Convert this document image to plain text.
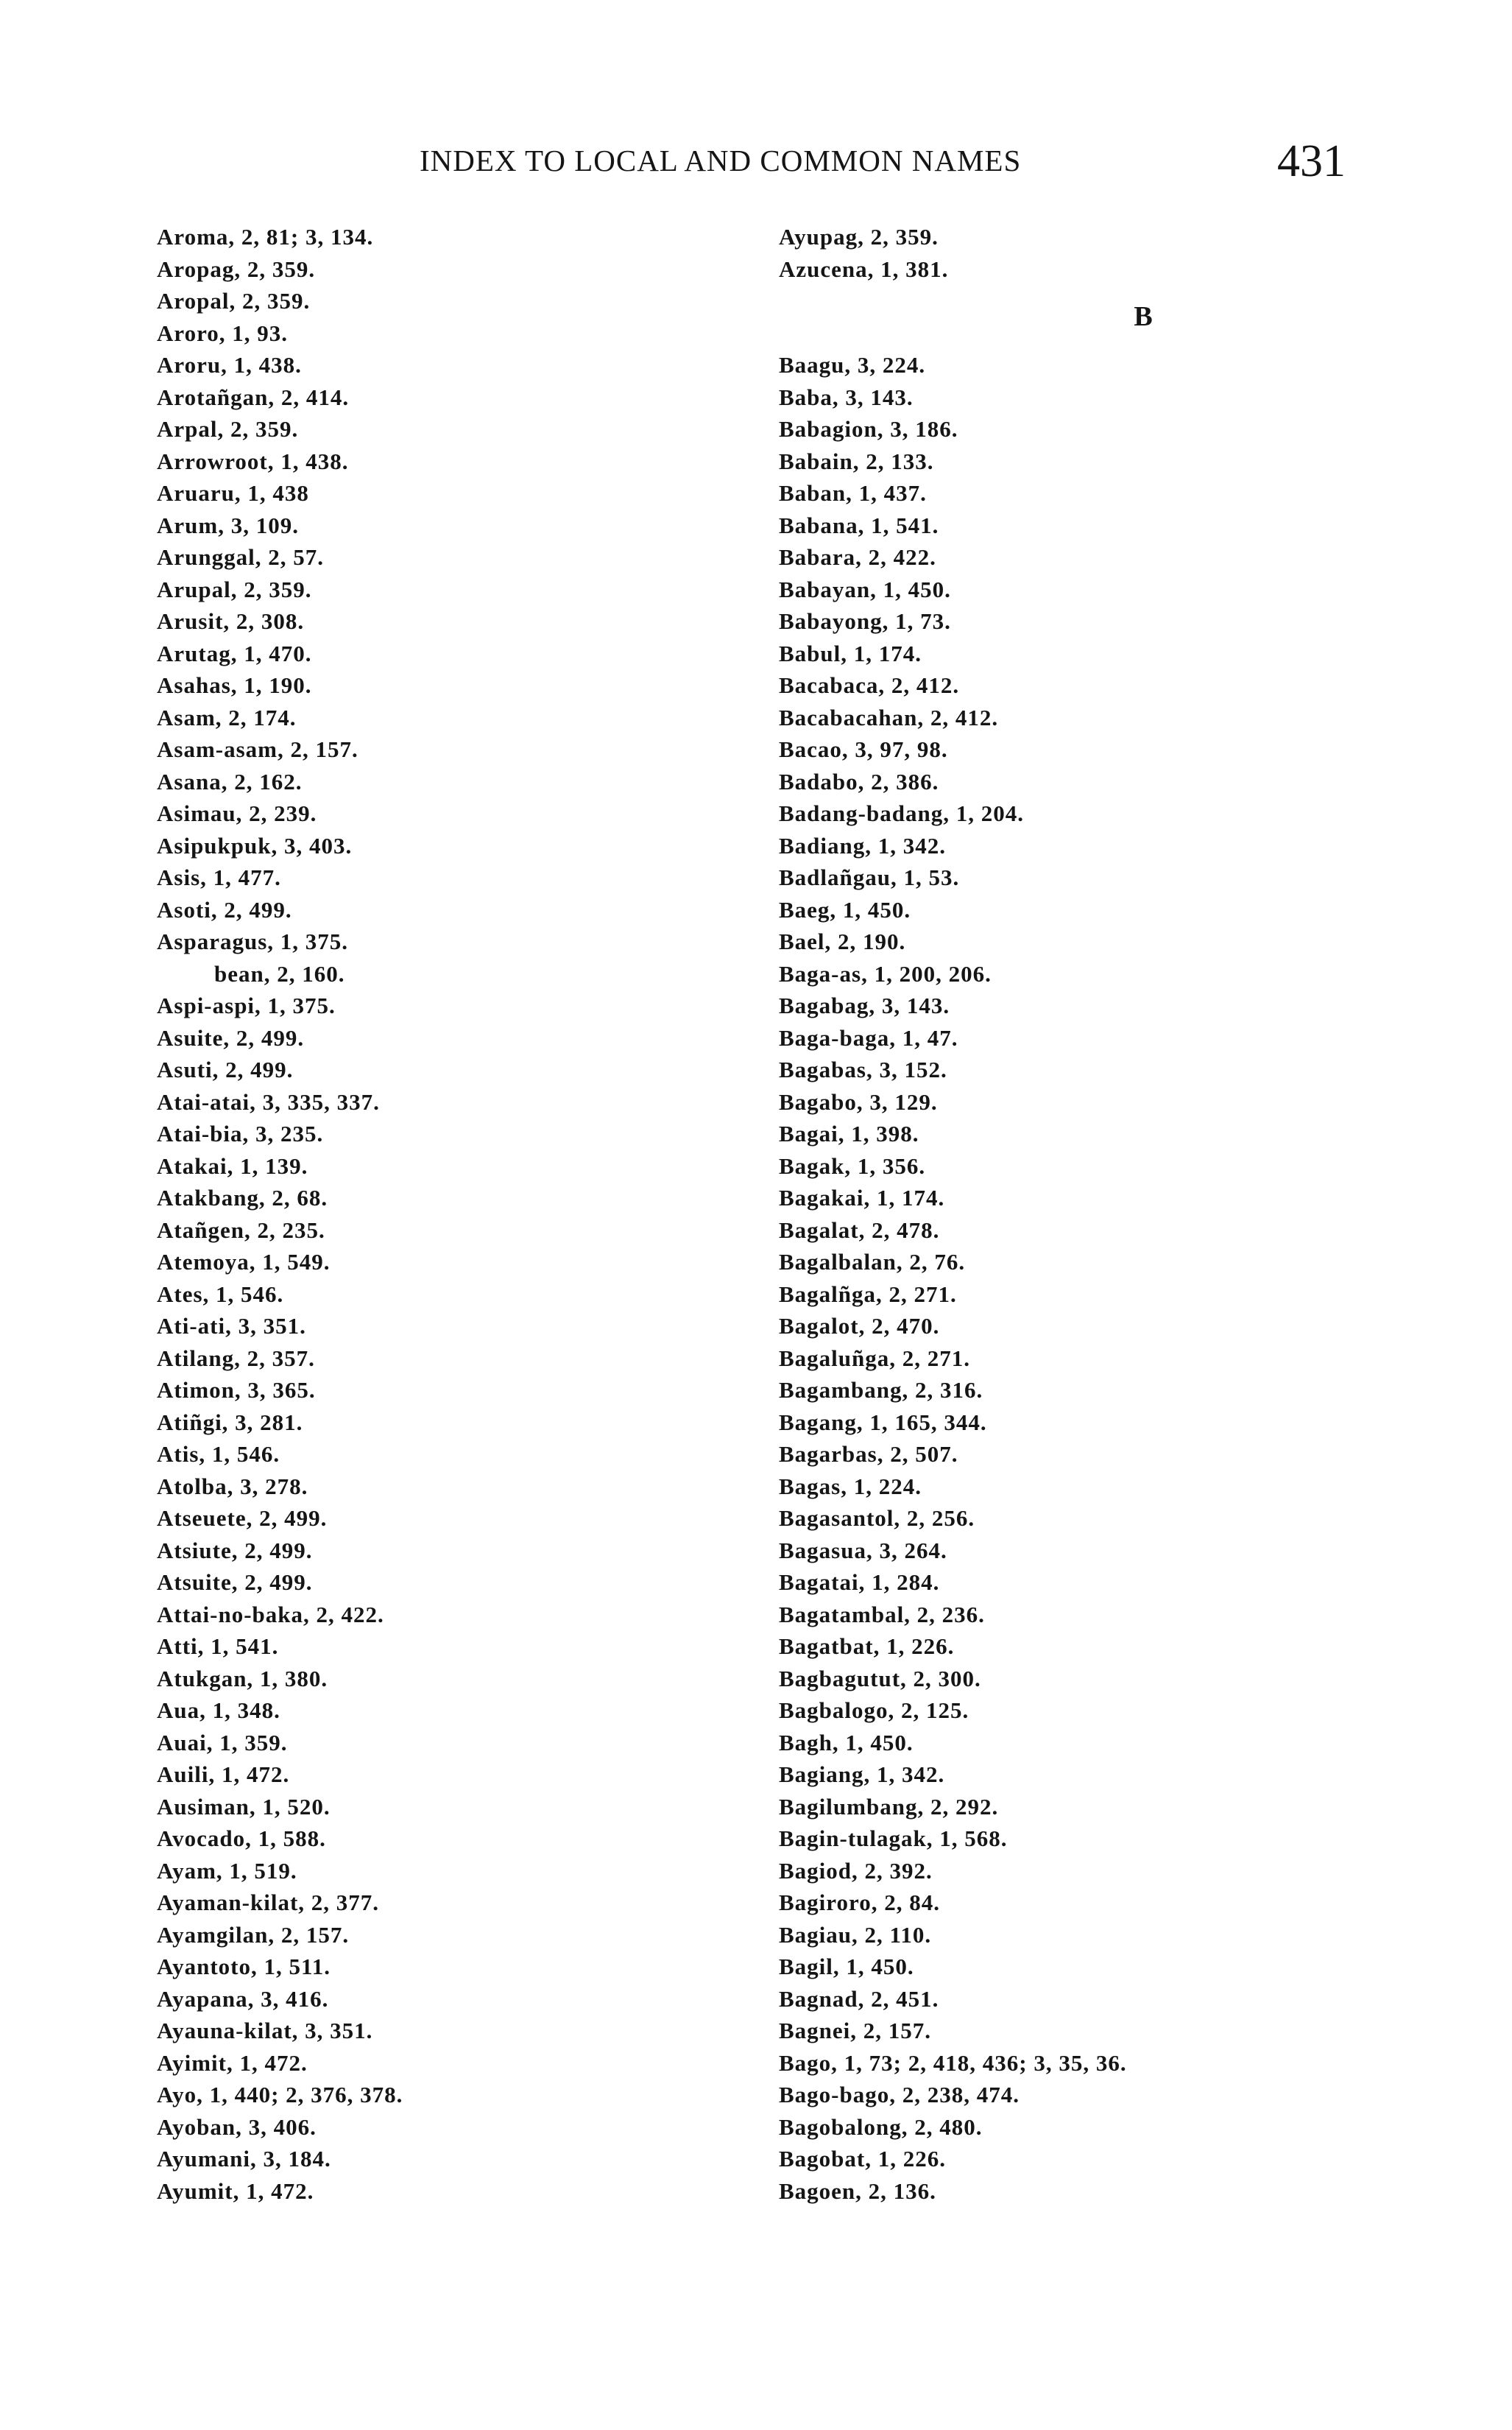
INDEX TO LOCAL AND COMMON NAMES	431
Aroma, 2, 81; 3, 134.
Aropag, 2, 359.
Aropal, 2, 359.
Aroro, 1, 93.
Aroru, 1, 438.
Arotañgan, 2, 414.
Arpal, 2, 359.
Arrowroot, 1, 438.
Aruaru, 1, 438
Arum, 3, 109.
Arunggal, 2, 57.
Arupal, 2, 359.
Arusit, 2, 308.
Arutag, 1, 470.
Asahas, 1, 190.
Asam, 2, 174.
Asam-asam, 2, 157.
Asana, 2, 162.
Asimau, 2, 239.
Asipukpuk, 3, 403.
Asis, 1, 477.
Asoti, 2, 499.
Asparagus, 1, 375.
bean, 2, 160.
Aspi-aspi, 1, 375.
Asuite, 2, 499.
Asuti, 2, 499.
Atai-atai, 3, 335, 337.
Atai-bia, 3, 235.
Atakai, 1, 139.
Atakbang, 2, 68.
Atañgen, 2, 235.
Atemoya, 1, 549.
Ates, 1, 546.
Ati-ati, 3, 351.
Atilang, 2, 357.
Atimon, 3, 365.
Atiñgi, 3, 281.
Atis, 1, 546.
Atolba, 3, 278.
Atseuete, 2, 499.
Atsiute, 2, 499.
Atsuite, 2, 499.
Attai-no-baka, 2, 422.
Atti, 1, 541.
Atukgan, 1, 380.
Aua, 1, 348.
Auai, 1, 359.
Auili, 1, 472.
Ausiman, 1, 520.
Avocado, 1, 588.
Ayam, 1, 519.
Ayaman-kilat, 2, 377.
Ayamgilan, 2, 157.
Ayantoto, 1, 511.
Ayapana, 3, 416.
Ayauna-kilat, 3, 351.
Ayimit, 1, 472.
Ayo, 1, 440; 2, 376, 378.
Ayoban, 3, 406.
Ayumani, 3, 184.
Ayumit, 1, 472.
Ayupag, 2, 359.
Azucena, 1, 381.
B
Baagu, 3, 224.
Baba, 3, 143.
Babagion, 3, 186.
Babain, 2, 133.
Baban, 1, 437.
Babana, 1, 541.
Babara, 2, 422.
Babayan, 1, 450.
Babayong, 1, 73.
Babul, 1, 174.
Bacabaca, 2, 412.
Bacabacahan, 2, 412.
Bacao, 3, 97, 98.
Badabo, 2, 386.
Badang-badang, 1, 204.
Badiang, 1, 342.
Badlañgau, 1, 53.
Baeg, 1, 450.
Bael, 2, 190.
Baga-as, 1, 200, 206.
Bagabag, 3, 143.
Baga-baga, 1, 47.
Bagabas, 3, 152.
Bagabo, 3, 129.
Bagai, 1, 398.
Bagak, 1, 356.
Bagakai, 1, 174.
Bagalat, 2, 478.
Bagalbalan, 2, 76.
Bagalñga, 2, 271.
Bagalot, 2, 470.
Bagaluñga, 2, 271.
Bagambang, 2, 316.
Bagang, 1, 165, 344.
Bagarbas, 2, 507.
Bagas, 1, 224.
Bagasantol, 2, 256.
Bagasua, 3, 264.
Bagatai, 1, 284.
Bagatambal, 2, 236.
Bagatbat, 1, 226.
Bagbagutut, 2, 300.
Bagbalogo, 2, 125.
Bagh, 1, 450.
Bagiang, 1, 342.
Bagilumbang, 2, 292.
Bagin-tulagak, 1, 568.
Bagiod, 2, 392.
Bagiroro, 2, 84.
Bagiau, 2, 110.
Bagil, 1, 450.
Bagnad, 2, 451.
Bagnei, 2, 157.
Bago, 1, 73; 2, 418, 436; 3, 35, 36.
Bago-bago, 2, 238, 474.
Bagobalong, 2, 480.
Bagobat, 1, 226.
Bagoen, 2, 136.
